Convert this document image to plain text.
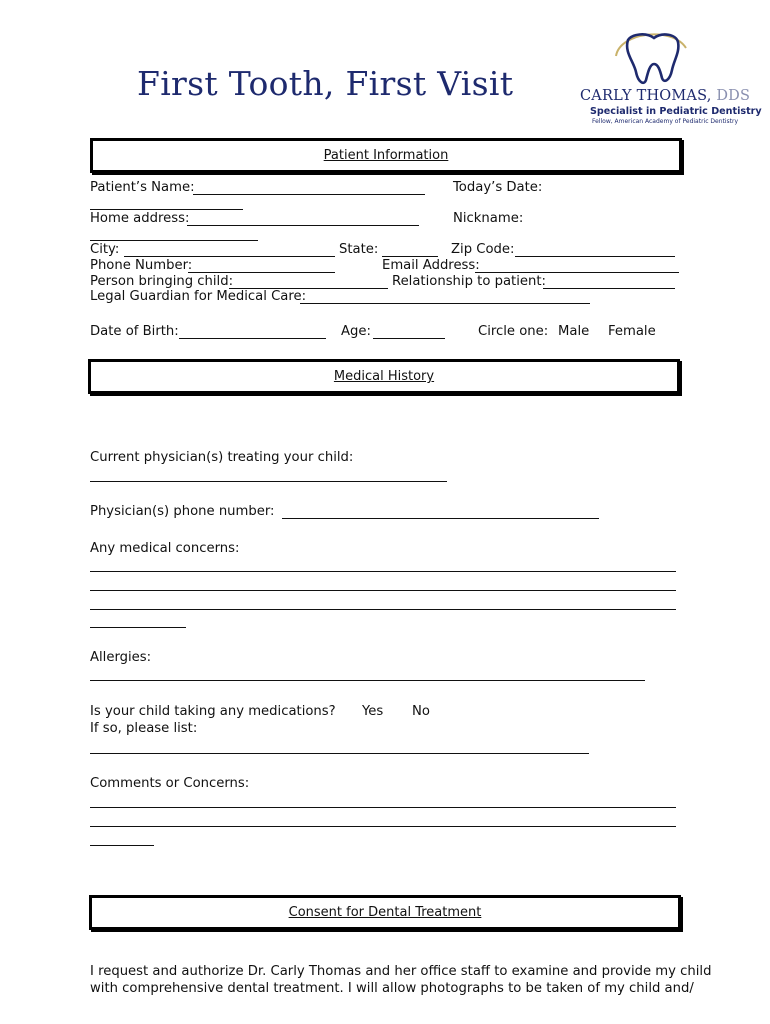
First Tooth, First Visit	CARLY THOMAS, DDS
Specialist in Pediatric Dentistry
Fellow, American Academy of Pediatric Dentistry
Patient Information
Patient’s Name:	Today’s Date:
Home address:	Nickname:
City:	State:	Zip Code:
Phone Number:	Email Address:
Person bringing child:	Relationship to patient:
Legal Guardian for Medical Care:
Date of Birth:	Age:	Circle one: Male Female
Medical History
Current physician(s) treating your child:
Physician(s) phone number:
Any medical concerns:
Allergies:
Is your child taking any medications? Yes No
If so, please list:
Comments or Concerns:
Consent for Dental Treatment
I request and authorize Dr. Carly Thomas and her office staff to examine and provide my child
with comprehensive dental treatment. I will allow photographs to be taken of my child and/
